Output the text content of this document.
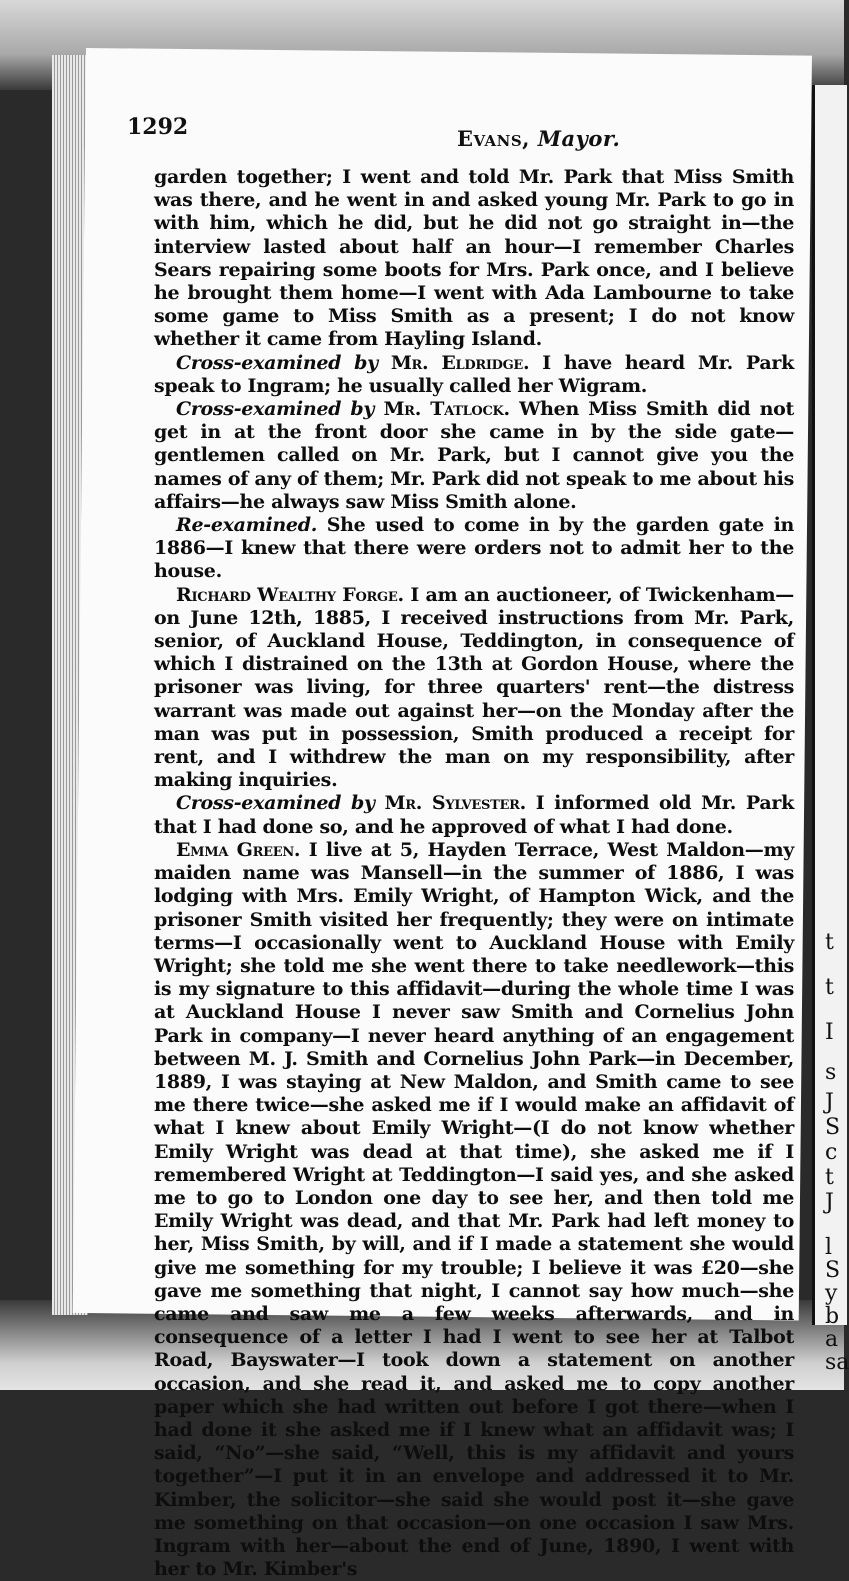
t
t
I
s
J
S
c
t
J
l
S
y
b
a
sa
1292	Evans, Mayor.

garden together; I went and told Mr. Park that Miss Smith was there, and he went in and asked young Mr. Park to go in with him, which he did, but he did not go straight in—the interview lasted about half an hour—I remember Charles Sears repairing some boots for Mrs. Park once, and I believe he brought them home—I went with Ada Lambourne to take some game to Miss Smith as a present; I do not know whether it came from Hayling Island.

Cross-examined by Mr. Eldridge. I have heard Mr. Park speak to Ingram; he usually called her Wigram.

Cross-examined by Mr. Tatlock. When Miss Smith did not get in at the front door she came in by the side gate—gentlemen called on Mr. Park, but I cannot give you the names of any of them; Mr. Park did not speak to me about his affairs—he always saw Miss Smith alone.

Re-examined. She used to come in by the garden gate in 1886—I knew that there were orders not to admit her to the house.

Richard Wealthy Forge. I am an auctioneer, of Twickenham—on June 12th, 1885, I received instructions from Mr. Park, senior, of Auckland House, Teddington, in consequence of which I distrained on the 13th at Gordon House, where the prisoner was living, for three quarters' rent—the distress warrant was made out against her—on the Monday after the man was put in possession, Smith produced a receipt for rent, and I withdrew the man on my responsibility, after making inquiries.

Cross-examined by Mr. Sylvester. I informed old Mr. Park that I had done so, and he approved of what I had done.

Emma Green. I live at 5, Hayden Terrace, West Maldon—my maiden name was Mansell—in the summer of 1886, I was lodging with Mrs. Emily Wright, of Hampton Wick, and the prisoner Smith visited her frequently; they were on intimate terms—I occasionally went to Auckland House with Emily Wright; she told me she went there to take needlework—this is my signature to this affidavit—during the whole time I was at Auckland House I never saw Smith and Cornelius John Park in company—I never heard anything of an engagement between M. J. Smith and Cornelius John Park—in December, 1889, I was staying at New Maldon, and Smith came to see me there twice—she asked me if I would make an affidavit of what I knew about Emily Wright—(I do not know whether Emily Wright was dead at that time), she asked me if I remembered Wright at Teddington—I said yes, and she asked me to go to London one day to see her, and then told me Emily Wright was dead, and that Mr. Park had left money to her, Miss Smith, by will, and if I made a statement she would give me something for my trouble; I believe it was £20—she gave me something that night, I cannot say how much—she came and saw me a few weeks afterwards, and in consequence of a letter I had I went to see her at Talbot Road, Bayswater—I took down a statement on another occasion, and she read it, and asked me to copy another paper which she had written out before I got there—when I had done it she asked me if I knew what an affidavit was; I said, “No”—she said, “Well, this is my affidavit and yours together”—I put it in an envelope and addressed it to Mr. Kimber, the solicitor—she said she would post it—she gave me something on that occasion—on one occasion I saw Mrs. Ingram with her—about the end of June, 1890, I went with her to Mr. Kimber's
